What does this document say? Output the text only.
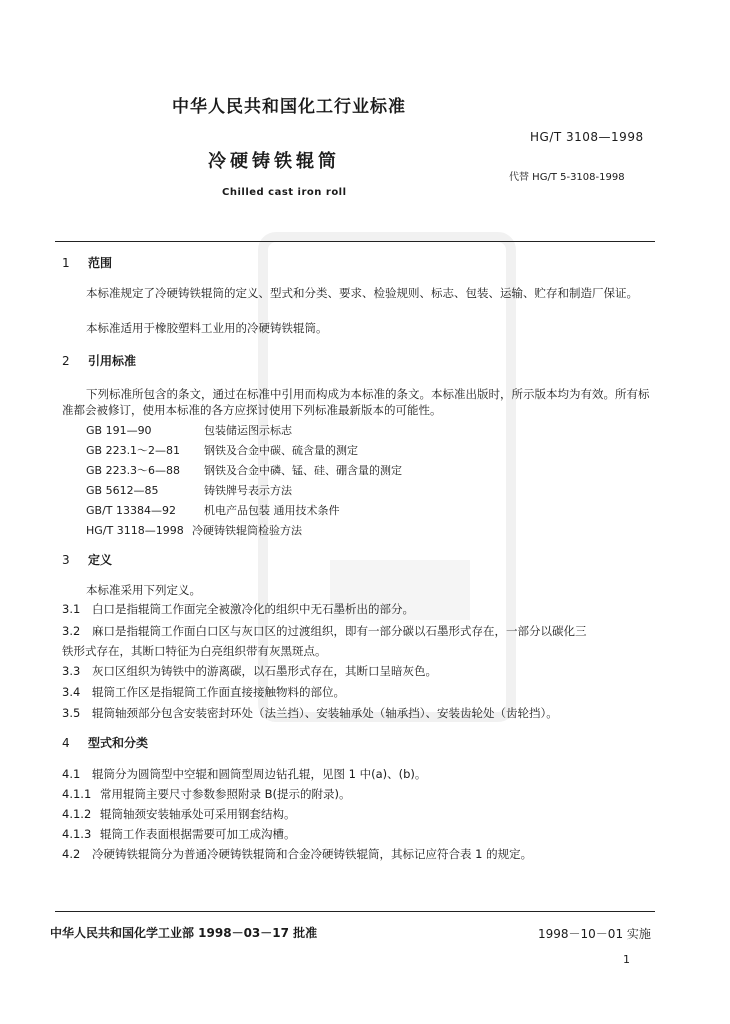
中华人民共和国化工行业标准
HG/T 3108—1998
冷硬铸铁辊筒
代替 HG/T 5-3108-1998
Chilled cast iron roll
1 范围
本标准规定了冷硬铸铁辊筒的定义、型式和分类、要求、检验规则、标志、包装、运输、贮存和制造厂保证。
本标准适用于橡胶塑料工业用的冷硬铸铁辊筒。
2 引用标准
下列标准所包含的条文，通过在标准中引用而构成为本标准的条文。本标准出版时，所示版本均为有效。所有标准都会被修订，使用本标准的各方应探讨使用下列标准最新版本的可能性。
GB 191—90	包装储运图示标志
GB 223.1～2—81 钢铁及合金中碳、硫含量的测定
GB 223.3～6—88 钢铁及合金中磷、锰、硅、硼含量的测定
GB 5612—85	铸铁牌号表示方法
GB/T 13384—92	机电产品包装 通用技术条件
HG/T 3118—1998 冷硬铸铁辊筒检验方法
3 定义
本标准采用下列定义。
3.1 白口是指辊筒工作面完全被激冷化的组织中无石墨析出的部分。
3.2 麻口是指辊筒工作面白口区与灰口区的过渡组织，即有一部分碳以石墨形式存在，一部分以碳化三
铁形式存在，其断口特征为白亮组织带有灰黑斑点。
3.3 灰口区组织为铸铁中的游离碳，以石墨形式存在，其断口呈暗灰色。
3.4 辊筒工作区是指辊筒工作面直接接触物料的部位。
3.5 辊筒轴颈部分包含安装密封环处（法兰挡）、安装轴承处（轴承挡）、安装齿轮处（齿轮挡）。
4 型式和分类
4.1 辊筒分为圆筒型中空辊和圆筒型周边钻孔辊，见图 1 中(a)、(b)。
4.1.1 常用辊筒主要尺寸参数参照附录 B(提示的附录)。
4.1.2 辊筒轴颈安装轴承处可采用钢套结构。
4.1.3 辊筒工作表面根据需要可加工成沟槽。
4.2 冷硬铸铁辊筒分为普通冷硬铸铁辊筒和合金冷硬铸铁辊筒，其标记应符合表 1 的规定。
中华人民共和国化学工业部 1998－03－17 批准	1998－10－01 实施
1
